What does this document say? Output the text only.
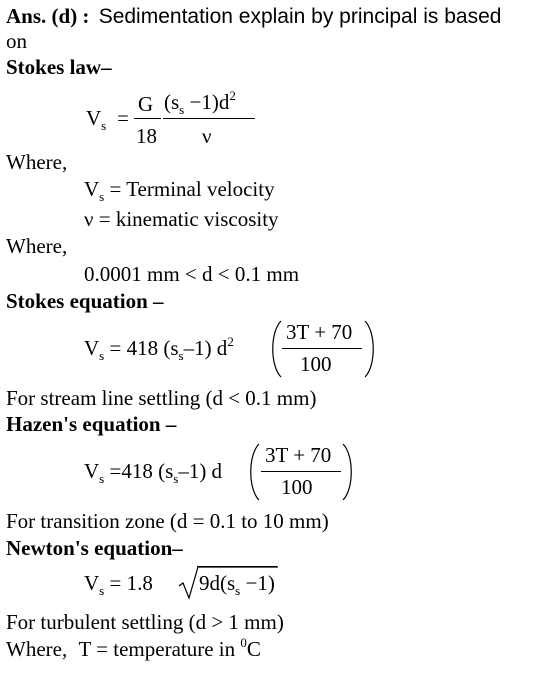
Ans. (d) : Sedimentation explain by principal is based
on
Stokes law–
$V_s$ =
G
18
$(s_s -1)d^2$
ν
Where,
$V_s$ = Terminal velocity
ν = kinematic viscosity
Where,
0.0001 mm < d < 0.1 mm
Stokes equation –
$V_s = 418$ $(s_s-1)$ $d^2$ 3T + 70
100
For stream line settling (d < 0.1 mm)
Hazen's equation –
$V_s =418$ $(s_s-1)$ d
3T + 70
100
For transition zone (d = 0.1 to 10 mm)
Newton's equation–
$V_s = 1.8$ $9d(s_s -1)$
For turbulent settling (d > 1 mm)
Where, T = temperature in $^0$C
